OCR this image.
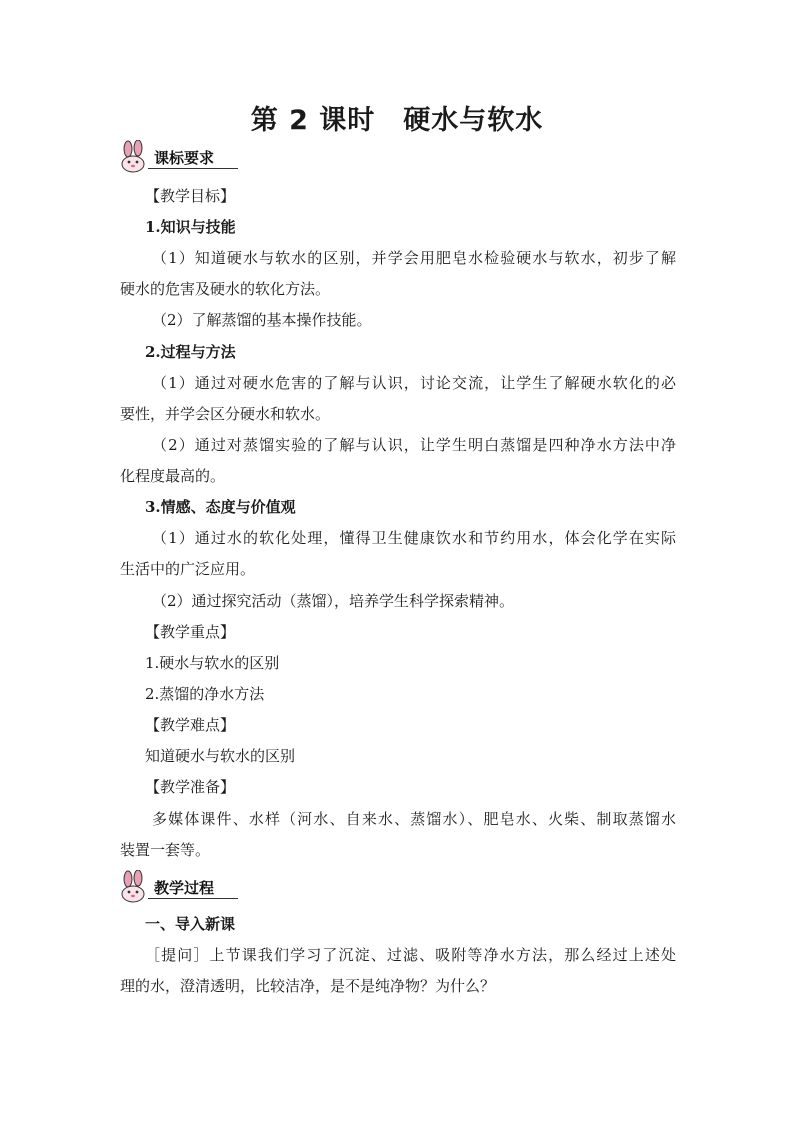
第 2 课时　硬水与软水
课标要求
【教学目标】
1.知识与技能
（1）知道硬水与软水的区别，并学会用肥皂水检验硬水与软水，初步了解
硬水的危害及硬水的软化方法。
（2）了解蒸馏的基本操作技能。
2.过程与方法
（1）通过对硬水危害的了解与认识，讨论交流，让学生了解硬水软化的必
要性，并学会区分硬水和软水。
（2）通过对蒸馏实验的了解与认识，让学生明白蒸馏是四种净水方法中净
化程度最高的。
3.情感、态度与价值观
（1）通过水的软化处理，懂得卫生健康饮水和节约用水，体会化学在实际
生活中的广泛应用。
（2）通过探究活动（蒸馏），培养学生科学探索精神。
【教学重点】
1.硬水与软水的区别
2.蒸馏的净水方法
【教学难点】
知道硬水与软水的区别
【教学准备】
多媒体课件、水样（河水、自来水、蒸馏水）、肥皂水、火柴、制取蒸馏水
装置一套等。
教学过程
一、导入新课
［提问］上节课我们学习了沉淀、过滤、吸附等净水方法，那么经过上述处
理的水，澄清透明，比较洁净，是不是纯净物？为什么？
